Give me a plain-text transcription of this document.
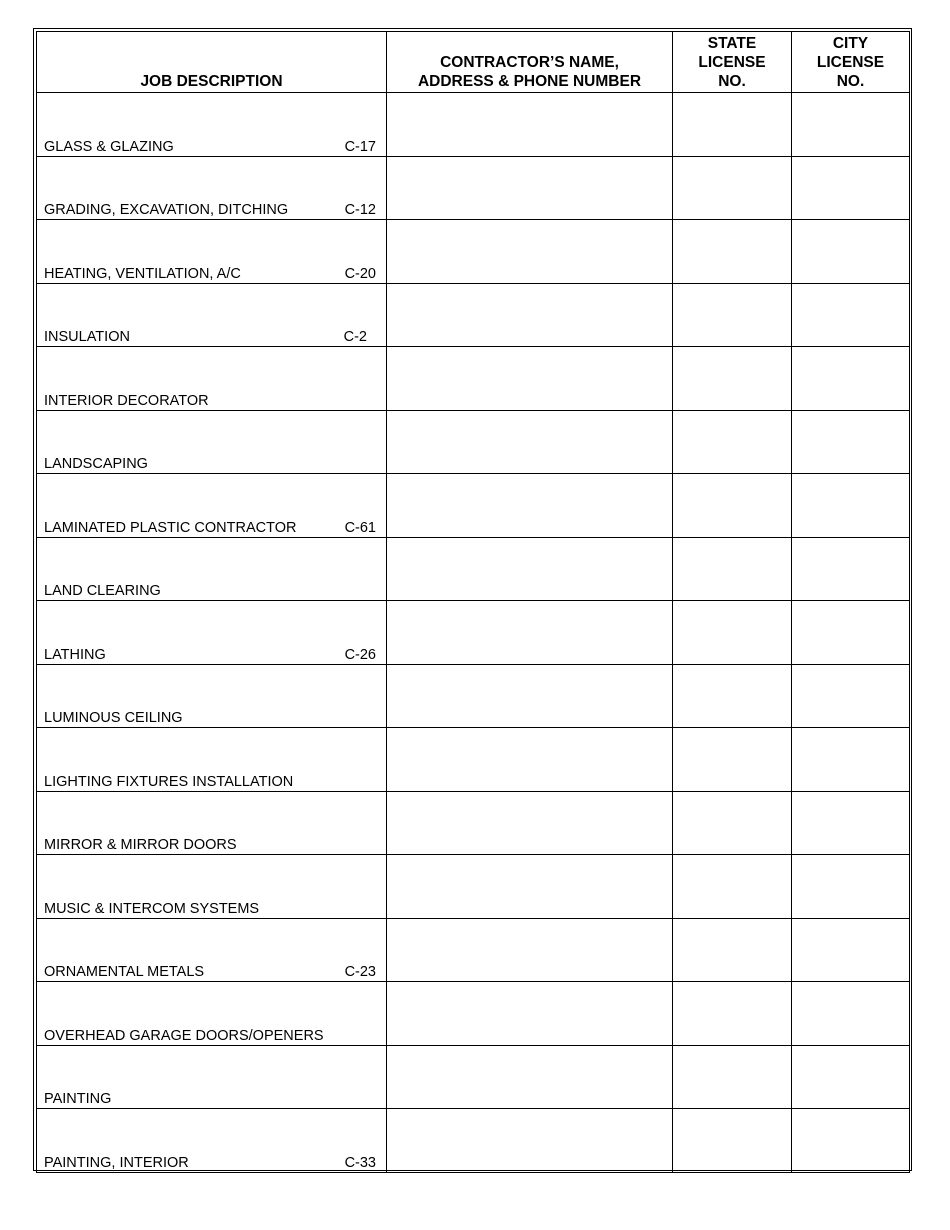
JOB DESCRIPTION	CONTRACTOR’S NAME,
ADDRESS & PHONE NUMBER	STATE
LICENSE
NO.	CITY
LICENSE
NO.

GLASS & GLAZING C-17			

GRADING, EXCAVATION, DITCHING C-12			

HEATING, VENTILATION, A/C C-20			

INSULATION C-2			

INTERIOR DECORATOR			

LANDSCAPING			

LAMINATED PLASTIC CONTRACTOR C-61			

LAND CLEARING			

LATHING C-26			

LUMINOUS CEILING			

LIGHTING FIXTURES INSTALLATION			

MIRROR & MIRROR DOORS			

MUSIC & INTERCOM SYSTEMS			

ORNAMENTAL METALS C-23			

OVERHEAD GARAGE DOORS/OPENERS			

PAINTING			

PAINTING, INTERIOR C-33			
